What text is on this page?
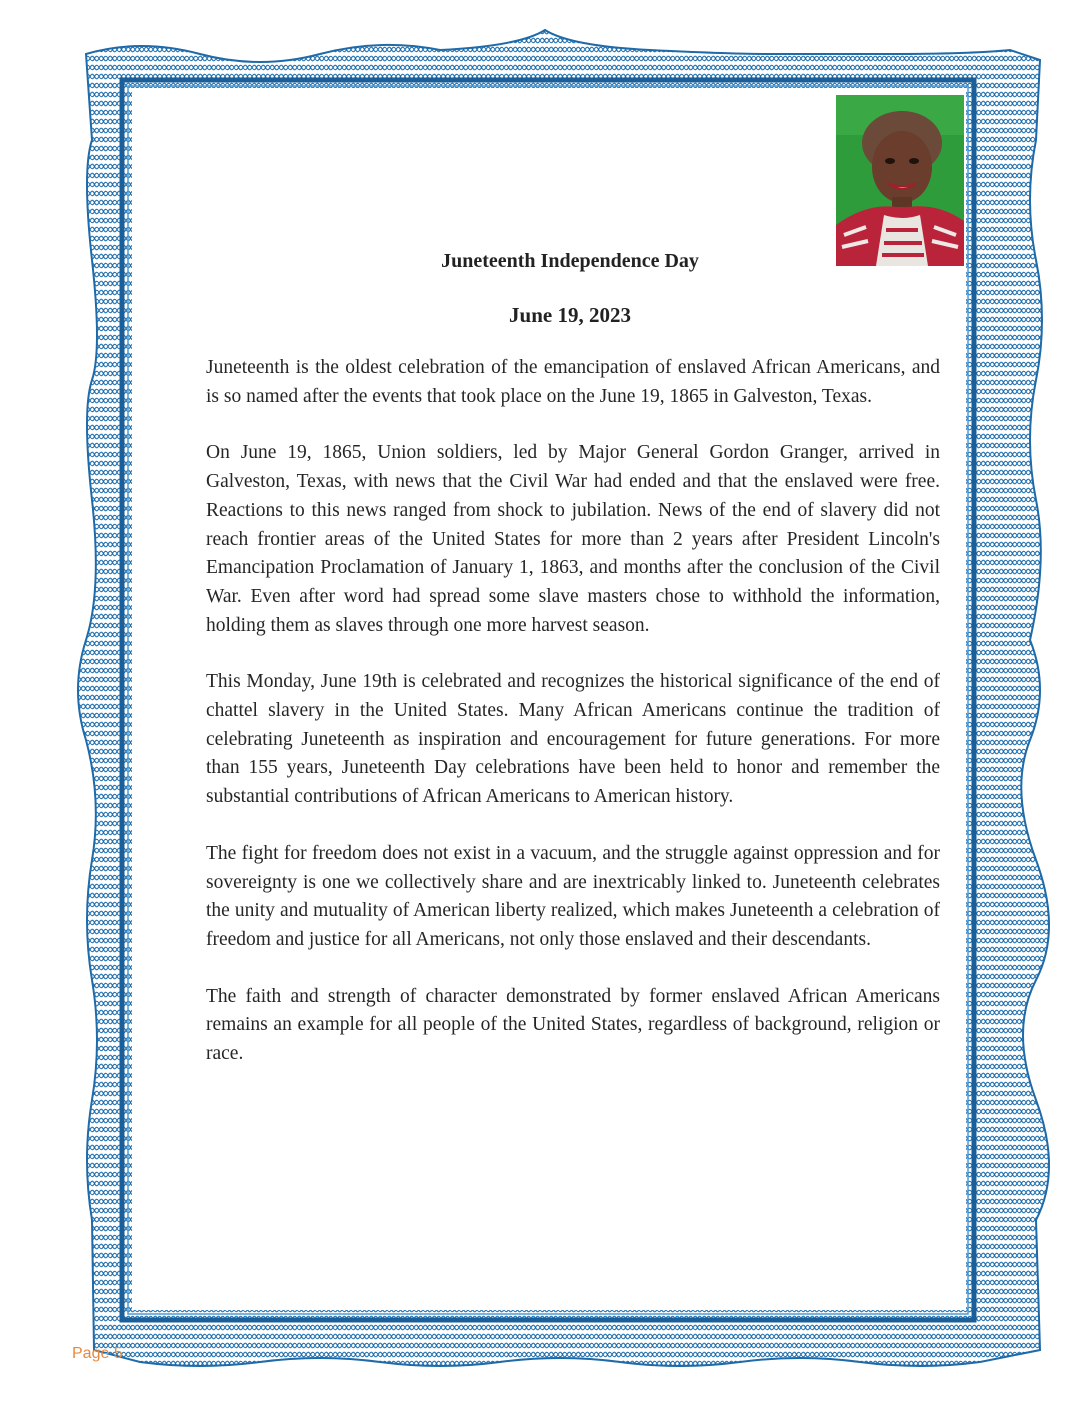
Juneteenth Independence Day
June 19, 2023

Juneteenth is the oldest celebration of the emancipation of enslaved African Americans, and is so named after the events that took place on the June 19, 1865 in Galveston, Texas.

On June 19, 1865, Union soldiers, led by Major General Gordon Granger, arrived in Galveston, Texas, with news that the Civil War had ended and that the enslaved were free. Reactions to this news ranged from shock to jubilation. News of the end of slavery did not reach frontier areas of the United States for more than 2 years after President Lincoln's Emancipation Proclamation of January 1, 1863, and months after the conclusion of the Civil War. Even after word had spread some slave masters chose to withhold the information, holding them as slaves through one more harvest season.

This Monday, June 19th is celebrated and recognizes the historical significance of the end of chattel slavery in the United States. Many African Americans continue the tradition of celebrating Juneteenth as inspiration and encouragement for future generations. For more than 155 years, Juneteenth Day celebrations have been held to honor and remember the substantial contributions of African Americans to American history.

The fight for freedom does not exist in a vacuum, and the struggle against oppression and for sovereignty is one we collectively share and are inextricably linked to. Juneteenth celebrates the unity and mutuality of American liberty realized, which makes Juneteenth a celebration of freedom and justice for all Americans, not only those enslaved and their descendants.

The faith and strength of character demonstrated by former enslaved African Americans remains an example for all people of the United States, regardless of background, religion or race.

Page 5
